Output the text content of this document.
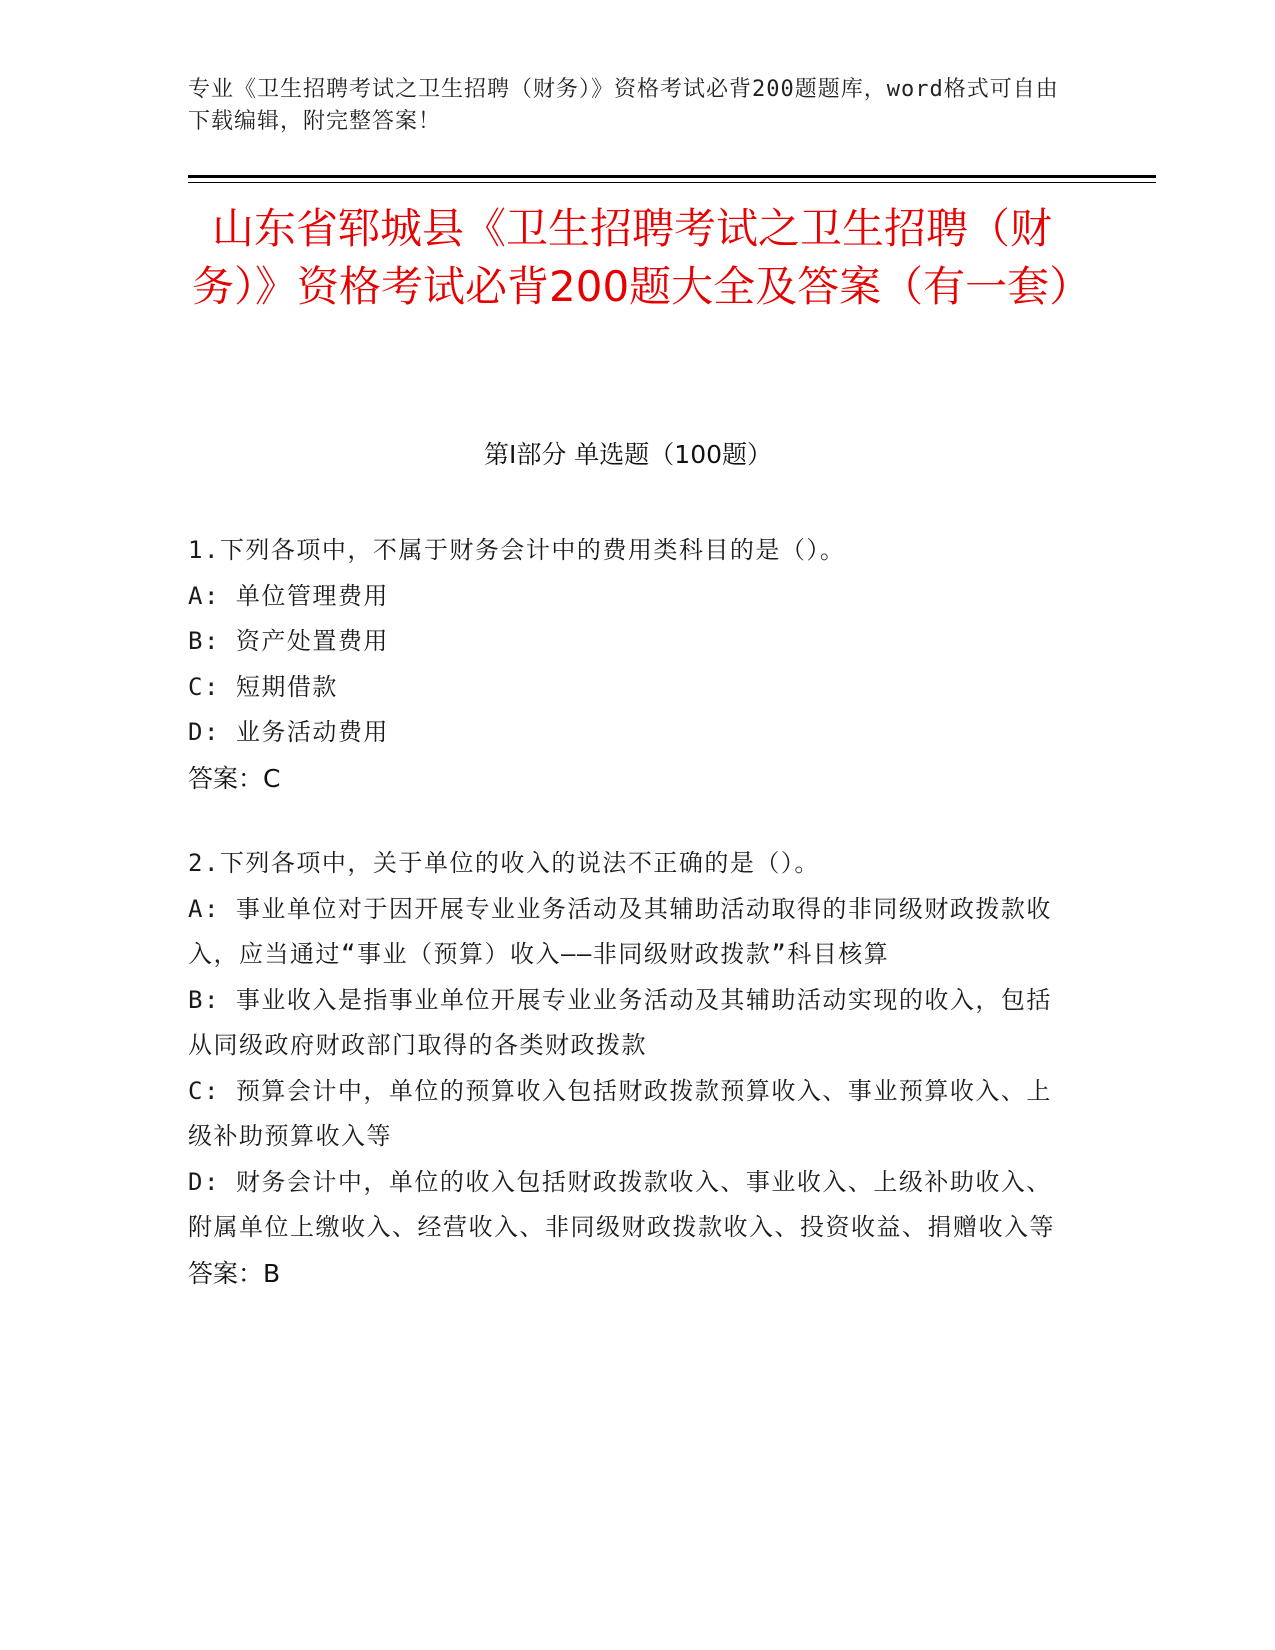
专业《卫生招聘考试之卫生招聘（财务）》资格考试必背200题题库，word格式可自由下载编辑，附完整答案！
山东省郓城县《卫生招聘考试之卫生招聘（财务）》资格考试必背200题大全及答案（有一套）
第I部分 单选题（100题）

1.下列各项中，不属于财务会计中的费用类科目的是（）。

A: 单位管理费用

B: 资产处置费用

C: 短期借款

D: 业务活动费用

答案：C

2.下列各项中，关于单位的收入的说法不正确的是（）。

A: 事业单位对于因开展专业业务活动及其辅助活动取得的非同级财政拨款收入，应当通过“事业（预算）收入——非同级财政拨款”科目核算

B: 事业收入是指事业单位开展专业业务活动及其辅助活动实现的收入，包括从同级政府财政部门取得的各类财政拨款

C: 预算会计中，单位的预算收入包括财政拨款预算收入、事业预算收入、上级补助预算收入等

D: 财务会计中，单位的收入包括财政拨款收入、事业收入、上级补助收入、附属单位上缴收入、经营收入、非同级财政拨款收入、投资收益、捐赠收入等

答案：B
